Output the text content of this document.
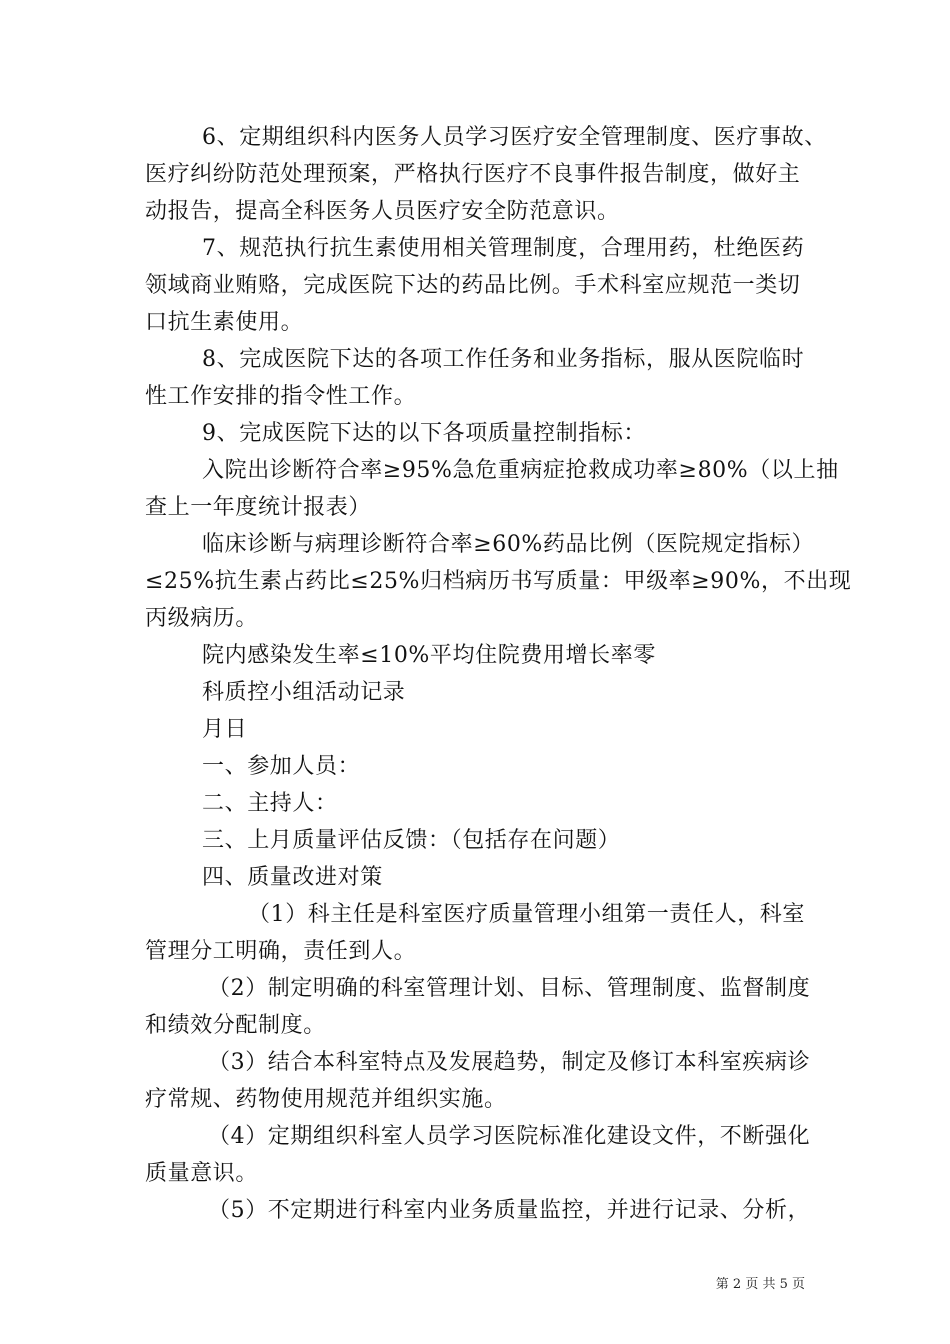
6、定期组织科内医务人员学习医疗安全管理制度、医疗事故、
医疗纠纷防范处理预案，严格执行医疗不良事件报告制度，做好主
动报告，提高全科医务人员医疗安全防范意识。
7、规范执行抗生素使用相关管理制度，合理用药，杜绝医药
领域商业贿赂，完成医院下达的药品比例。手术科室应规范一类切
口抗生素使用。
8、完成医院下达的各项工作任务和业务指标，服从医院临时
性工作安排的指令性工作。
9、完成医院下达的以下各项质量控制指标：
入院出诊断符合率≥95%急危重病症抢救成功率≥80%（以上抽
查上一年度统计报表）
临床诊断与病理诊断符合率≥60%药品比例（医院规定指标）
≤25%抗生素占药比≤25%归档病历书写质量：甲级率≥90%，不出现
丙级病历。
院内感染发生率≤10%平均住院费用增长率零
科质控小组活动记录
月日
一、参加人员：
二、主持人：
三、上月质量评估反馈：（包括存在问题）
四、质量改进对策
（1）科主任是科室医疗质量管理小组第一责任人，科室
管理分工明确，责任到人。
（2）制定明确的科室管理计划、目标、管理制度、监督制度
和绩效分配制度。
（3）结合本科室特点及发展趋势，制定及修订本科室疾病诊
疗常规、药物使用规范并组织实施。
（4）定期组织科室人员学习医院标准化建设文件，不断强化
质量意识。
（5）不定期进行科室内业务质量监控，并进行记录、分析，
第 2 页 共 5 页
